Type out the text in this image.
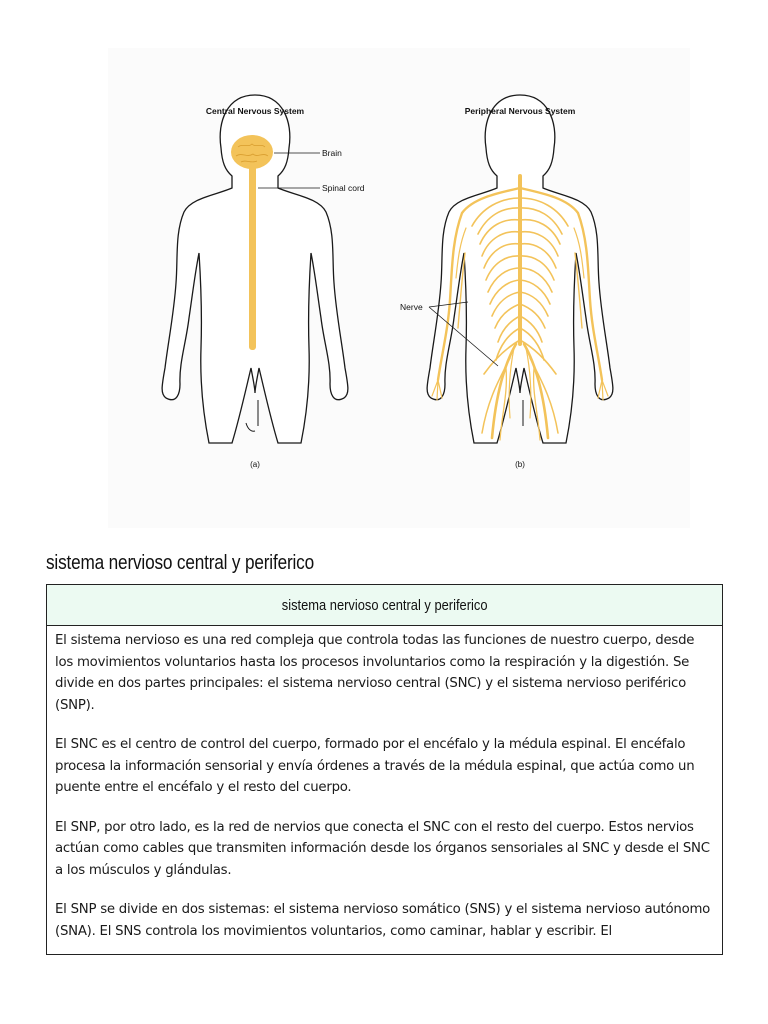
Central Nervous System
Brain
Spinal cord
(a)
Peripheral Nervous System
Nerve
(b)
sistema nervioso central y periferico
sistema nervioso central y periferico

El sistema nervioso es una red compleja que controla todas las funciones de nuestro cuerpo, desde los movimientos voluntarios hasta los procesos involuntarios como la respiración y la digestión. Se divide en dos partes principales: el sistema nervioso central (SNC) y el sistema nervioso periférico (SNP).

El SNC es el centro de control del cuerpo, formado por el encéfalo y la médula espinal. El encéfalo procesa la información sensorial y envía órdenes a través de la médula espinal, que actúa como un puente entre el encéfalo y el resto del cuerpo.

El SNP, por otro lado, es la red de nervios que conecta el SNC con el resto del cuerpo. Estos nervios actúan como cables que transmiten información desde los órganos sensoriales al SNC y desde el SNC a los músculos y glándulas.

El SNP se divide en dos sistemas: el sistema nervioso somático (SNS) y el sistema nervioso autónomo (SNA). El SNS controla los movimientos voluntarios, como caminar, hablar y escribir. El
